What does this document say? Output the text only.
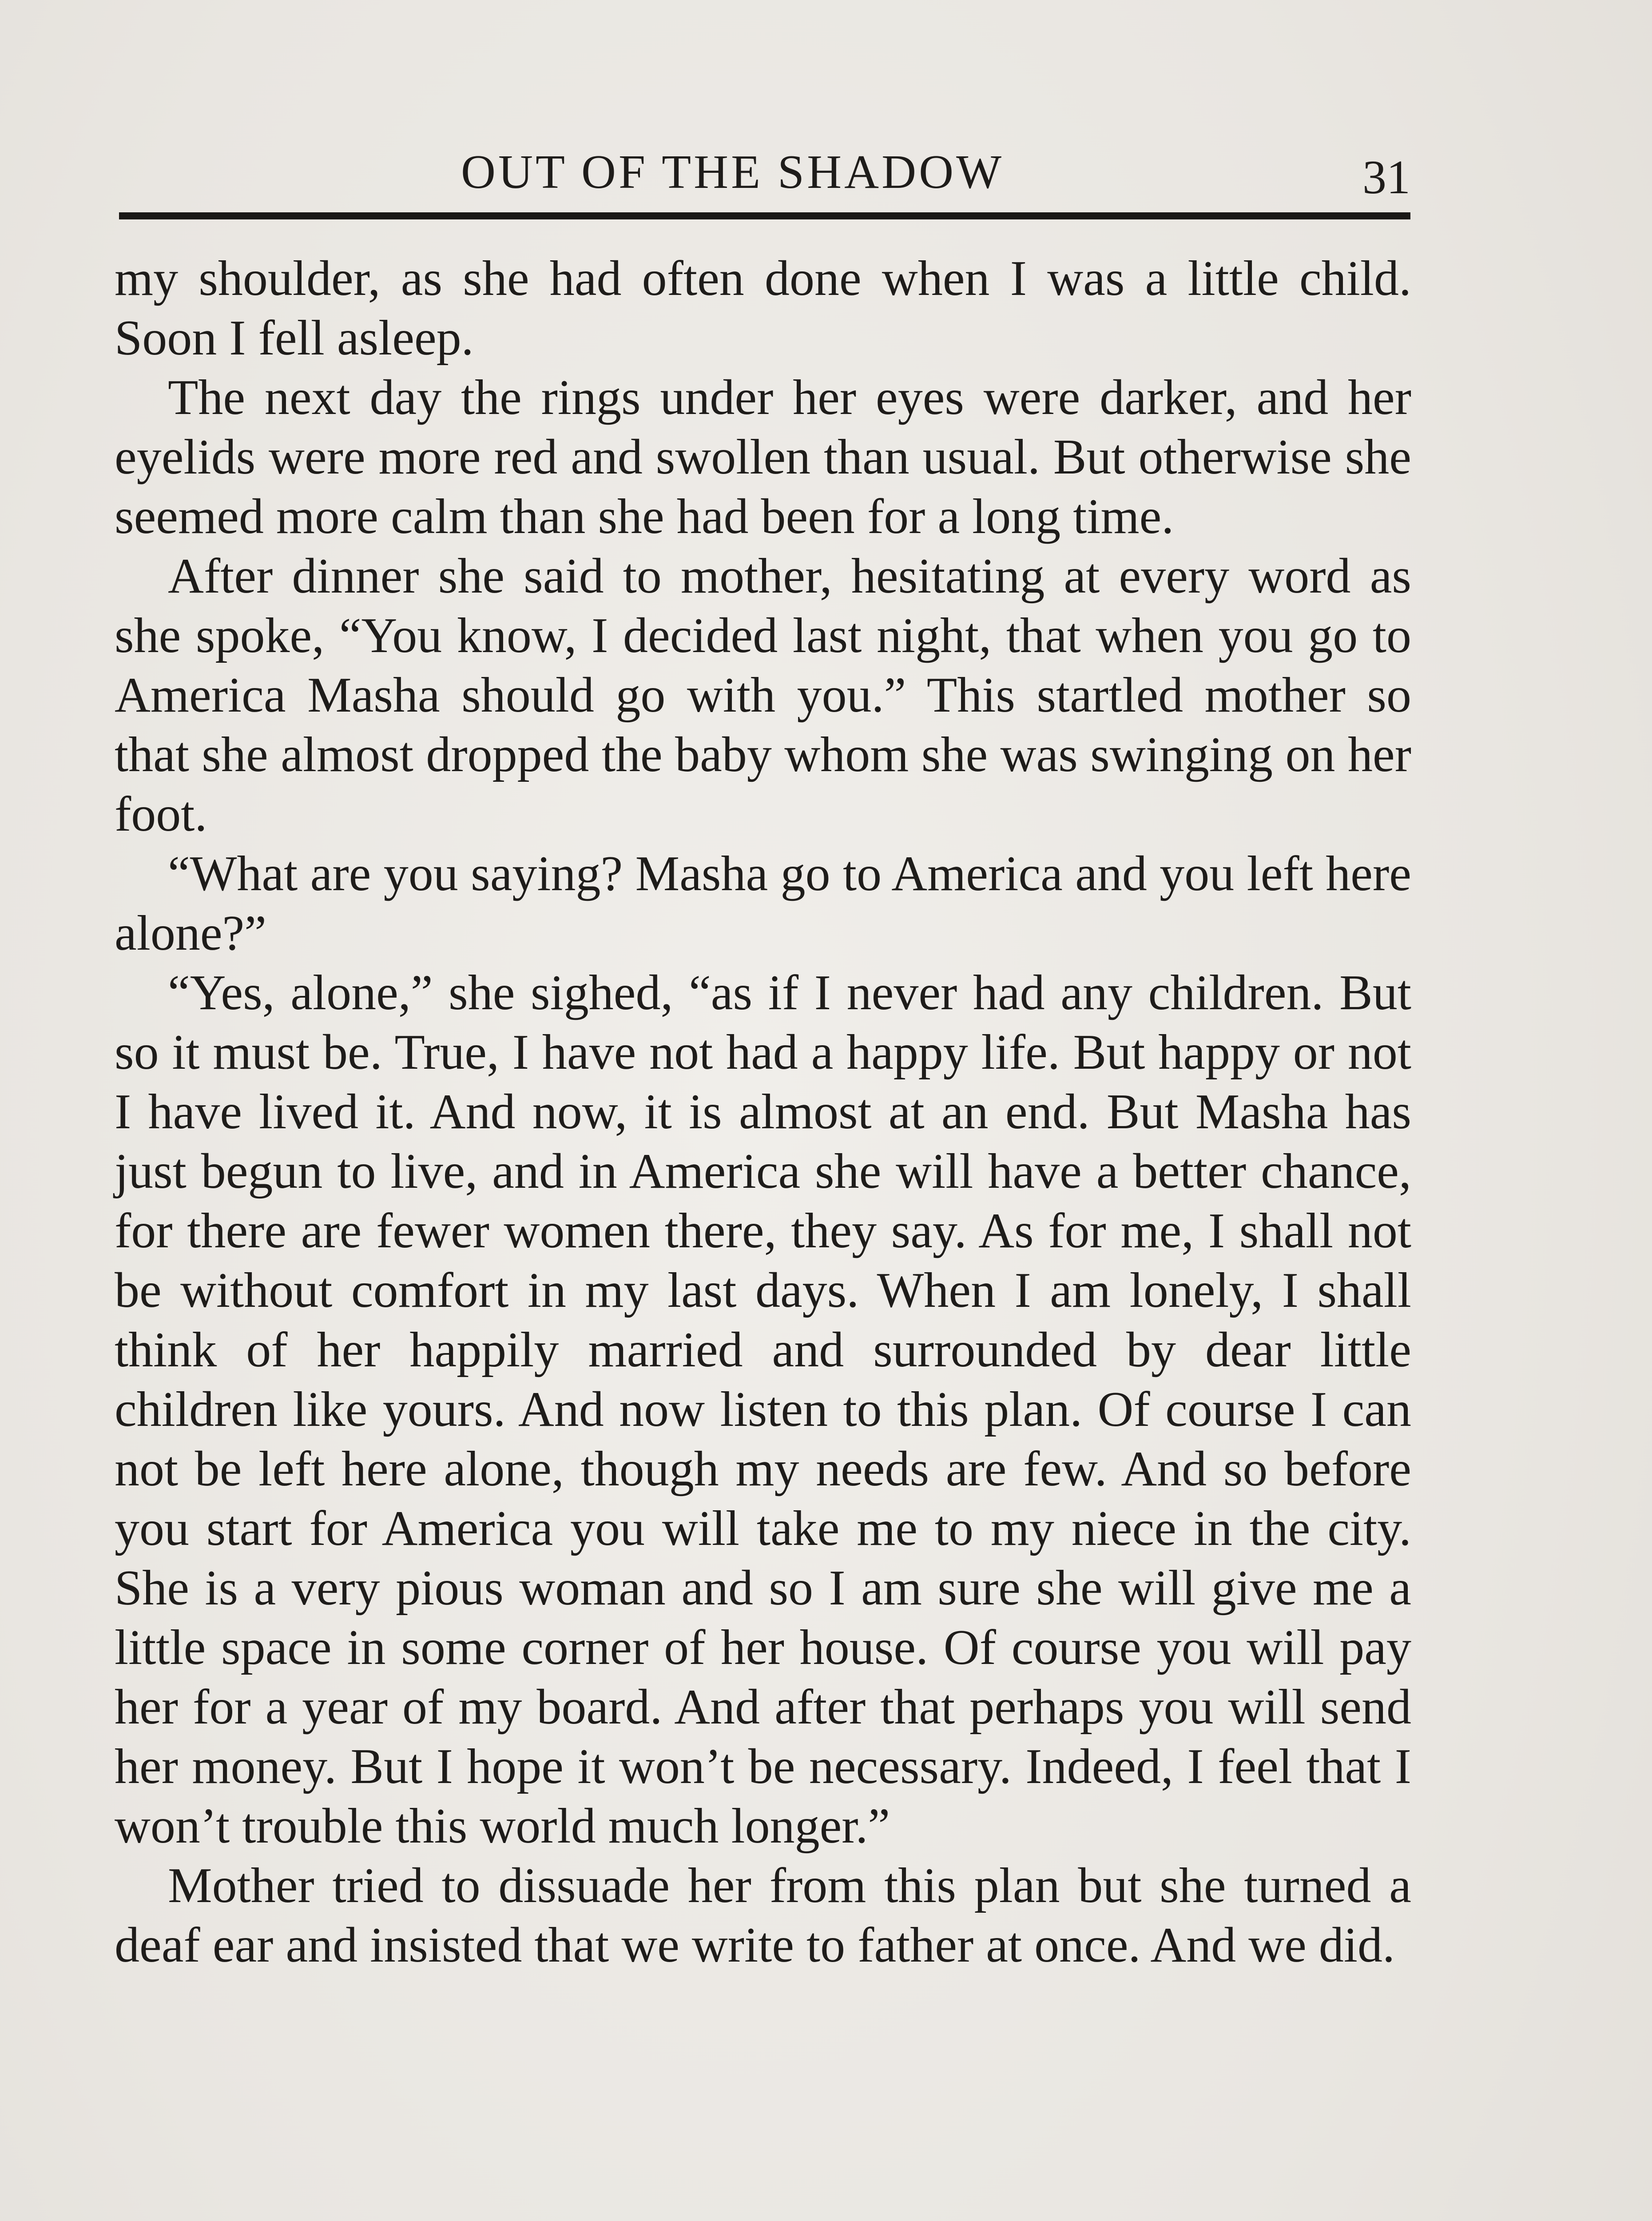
OUT OF THE SHADOW	31

my shoulder, as she had often done when I was a little child. Soon I fell asleep.

The next day the rings under her eyes were darker, and her eyelids were more red and swollen than usual. But otherwise she seemed more calm than she had been for a long time.

After dinner she said to mother, hesitating at every word as she spoke, “You know, I decided last night, that when you go to America Masha should go with you.” This startled mother so that she almost dropped the baby whom she was swinging on her foot.

“What are you saying? Masha go to America and you left here alone?”

“Yes, alone,” she sighed, “as if I never had any children. But so it must be. True, I have not had a happy life. But happy or not I have lived it. And now, it is almost at an end. But Masha has just begun to live, and in America she will have a better chance, for there are fewer women there, they say. As for me, I shall not be without comfort in my last days. When I am lonely, I shall think of her happily married and surrounded by dear little children like yours. And now listen to this plan. Of course I can not be left here alone, though my needs are few. And so before you start for America you will take me to my niece in the city. She is a very pious woman and so I am sure she will give me a little space in some corner of her house. Of course you will pay her for a year of my board. And after that perhaps you will send her money. But I hope it won’t be necessary. Indeed, I feel that I won’t trouble this world much longer.”

Mother tried to dissuade her from this plan but she turned a deaf ear and insisted that we write to father at once. And we did.
